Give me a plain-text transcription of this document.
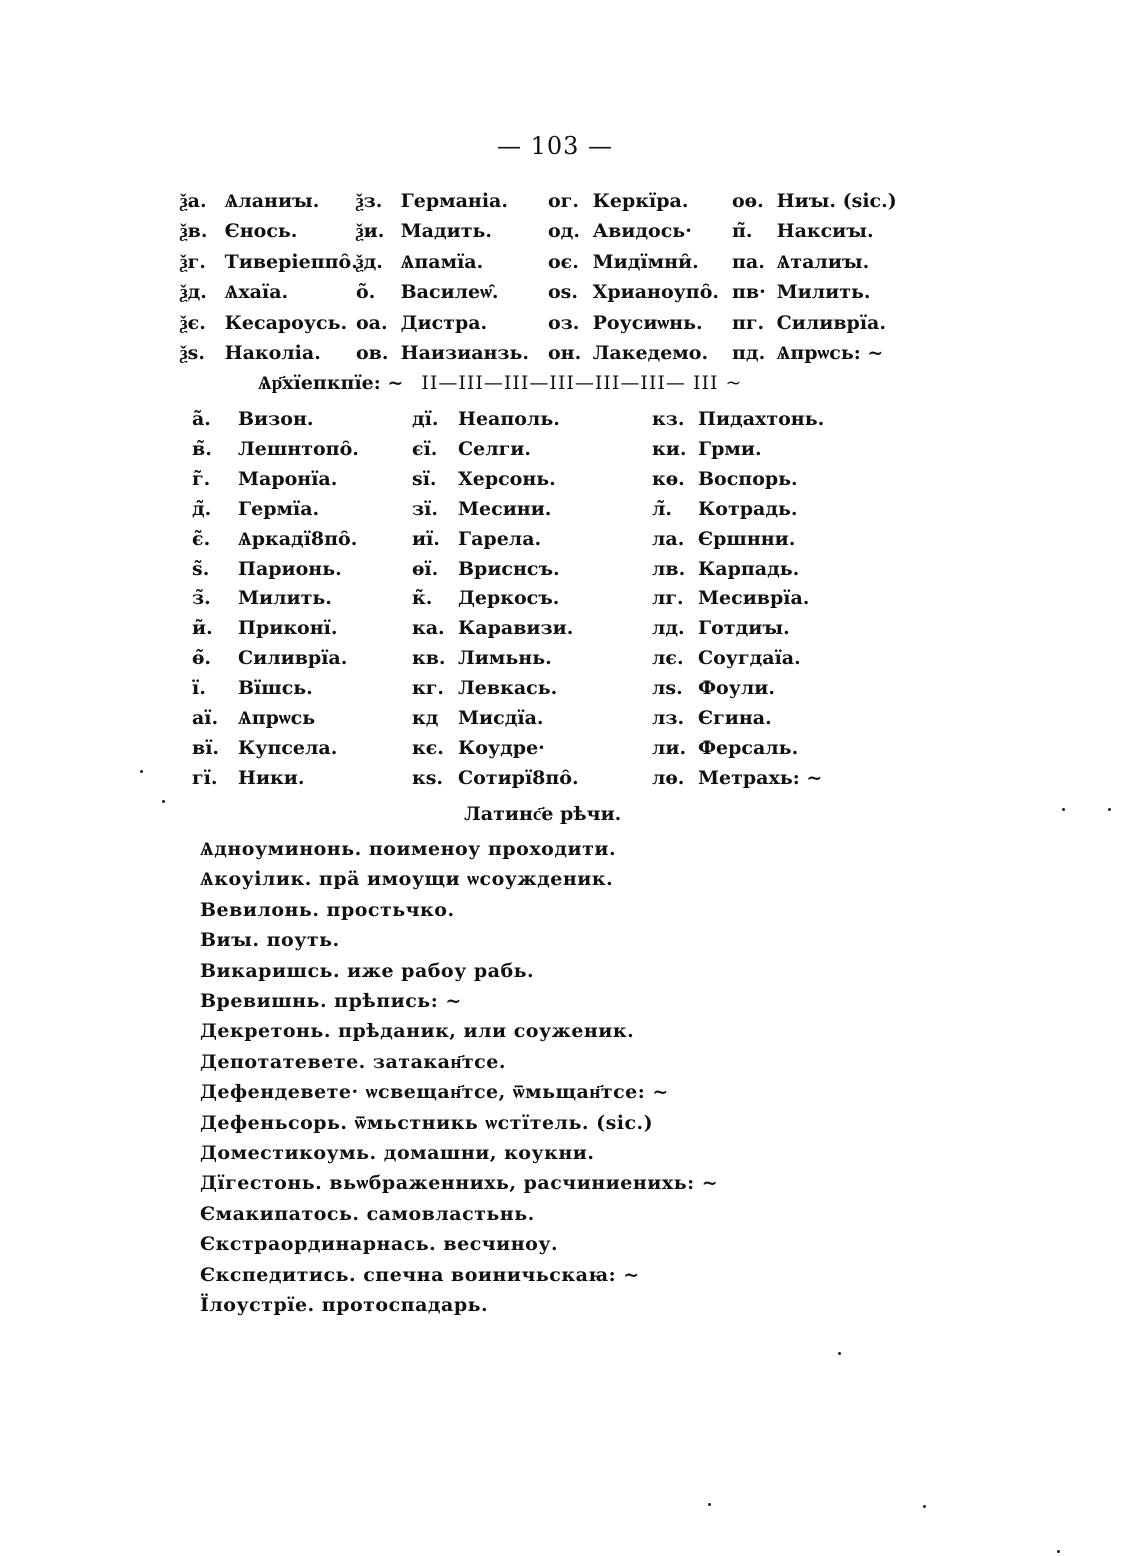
— 103 —
ѯа. Ѧланиꙑ.
ѯв. Єнось.
ѯг. Тиверіеппо̑.
ѯд. Ѧхаїа.
ѯє. Кесароусь.
ѯѕ. Наколіа.
ѯз. Германіа.
ѯи. Мадить.
ѯд. Ѧпамїа.
о̃. Василеѡ̑.
оа. Дистра.
ов. Наизианзь.
ог. Керкїра.
од. Авидось·
оє. Мидїмни̑.
оѕ. Хрианоупо̑.
оз. Роусиѡнь.
он. Лакедемо.
оѳ. Ниꙑ. (sic.)
п̃. Наксиꙑ.
па. Ѧталиꙑ.
пв· Милить.
пг. Силиврїа.
пд. Ѧпрѡсь: ~
Ѧр҃хїепкпїе: ~ II—III—III—III—III—III— III ~
а̃. Визон.
в̃. Лешнтопо̑.
г̃. Маронїа.
д̃. Гермїа.
є̃. Ѧркадї8по̑.
ѕ̃. Парионь.
з̃. Милить.
и̃. Приконї.
ѳ̃. Силиврїа.
ї. Вїшсь.
аї. Ѧпрѡсь
вї. Купсела.
гї. Ники.
дї. Неаполь.
єї. Селги.
ѕї. Херсонь.
зї. Месини.
иї. Гарела.
ѳї. Вриснсъ.
к̃. Деркосъ.
ка. Каравизи.
кв. Лимьнь.
кг. Левкась.
кд Мисдїа.
кє. Коудре·
кѕ. Сотирї8по̑.
кз. Пидахтонь.
ки. Грми.
кѳ. Воспорь.
л̃. Котрадь.
ла. Єршнни.
лв. Карпадь.
лг. Месиврїа.
лд. Готдиꙑ.
лє. Соугдаїа.
лѕ. Фоули.
лз. Єгина.
ли. Ферсаль.
лѳ. Метрахь: ~
Латинс҃е рѣчи.
Ѧдноуминонь. поименоу проходити.
Ѧкоуiлик. прӓ имоущи ѡсоужденик.
Вевилонь. простьчко.
Виꙑ. поуть.
Викаришсь. иже рабоу рабь.
Вревишнь. прѣпись: ~
Декретонь. прѣданик, или соуженик.
Депотатевете. затакан҃тсе.
Дефендевете· ѡсвещан҃тсе, ѿмьщан҃тсе: ~
Дефеньсорь. ѿмьстникь ѡстїтель. (sic.)
Доместикоумь. домашни, коукни.
Дїгестонь. вьѡбраженнихь, расчиниенихь: ~
Ємакипатось. самовластьнь.
Єкстраординарнась. весчиноу.
Єкспедитись. спечна воиничьскаꙗ: ~
Їлоустрїе. протоспадарь.
